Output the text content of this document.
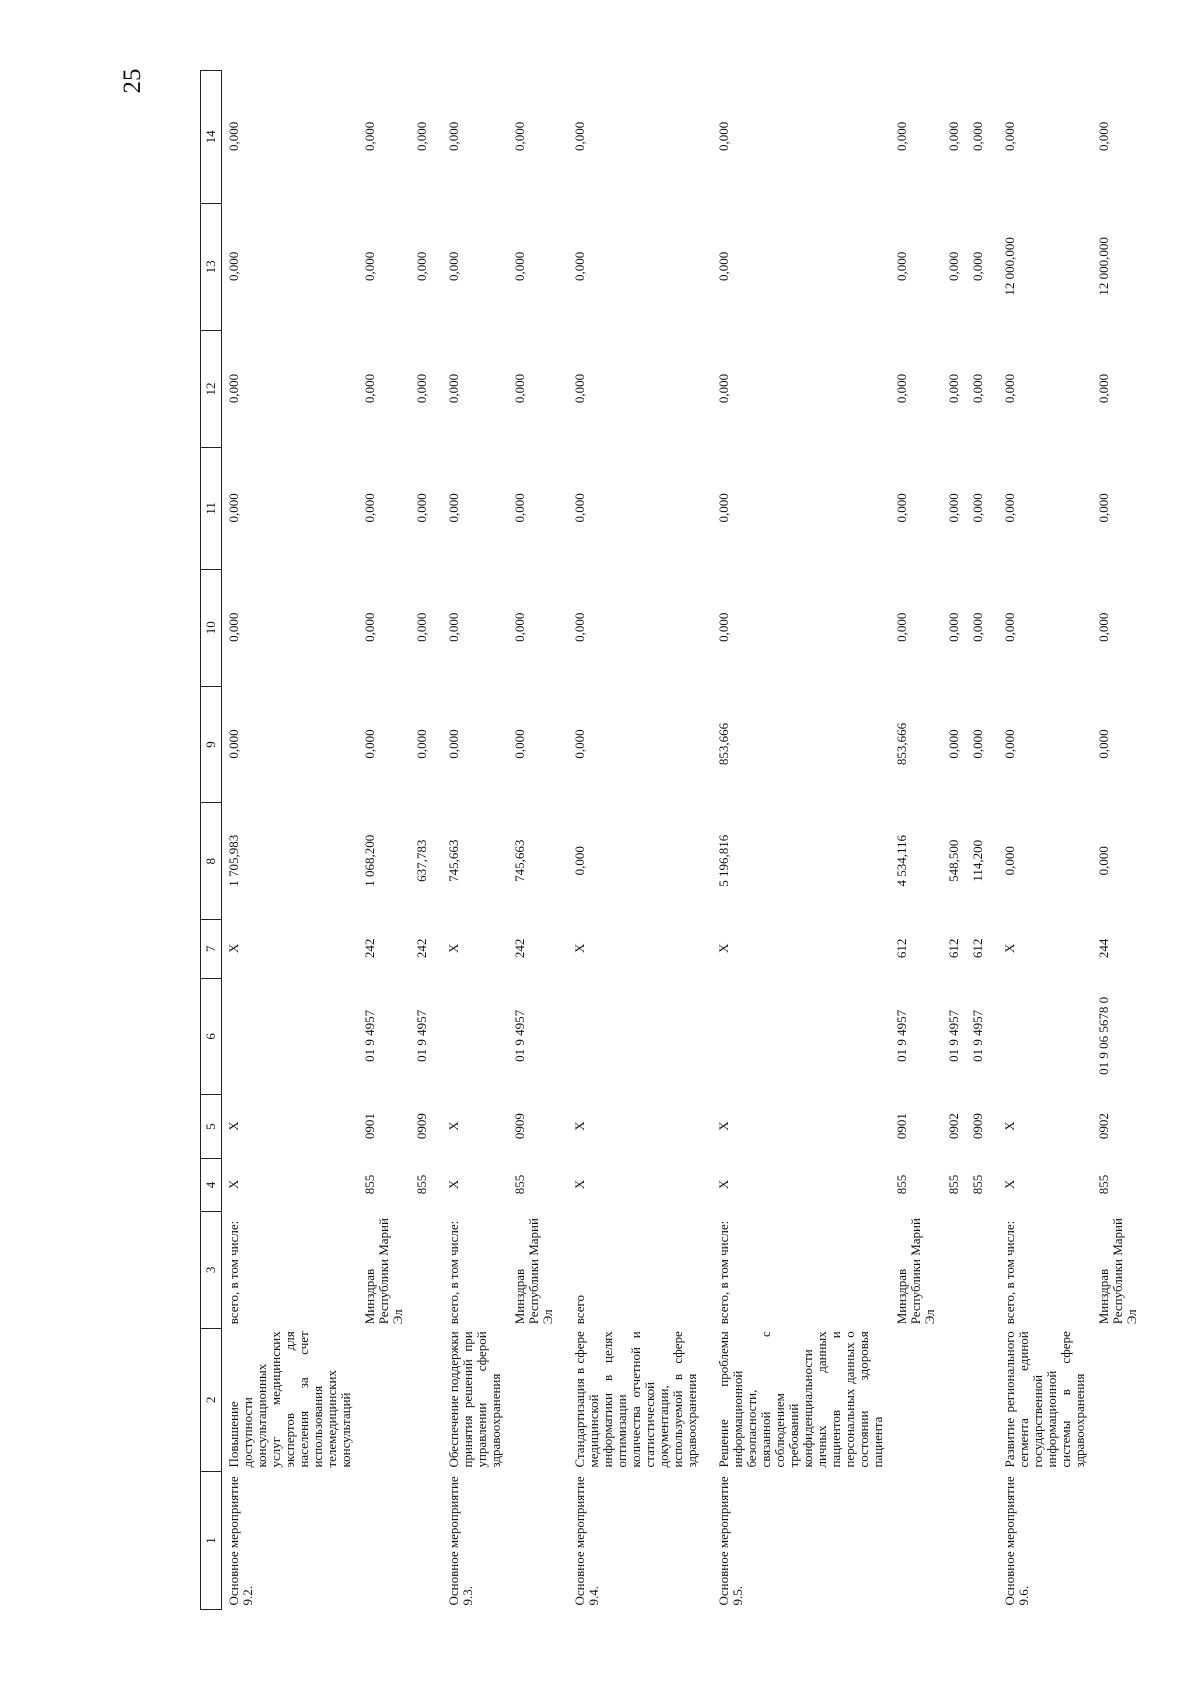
25
1	2	3	4	5	6	7	8	9	10	11	12	13	14
Основное мероприятие 9.2.	Повышение доступности консультационных услуг медицинских экспертов для населения за счет использования телемедицинских консультаций	всего, в том числе:	Х	Х		Х	1 705,983	0,000	0,000	0,000	0,000	0,000	0,000
		Минздрав Республики Марий Эл	855	0901	01 9 4957	242	1 068,200	0,000	0,000	0,000	0,000	0,000	0,000
			855	0909	01 9 4957	242	637,783	0,000	0,000	0,000	0,000	0,000	0,000
Основное мероприятие 9.3.	Обеспечение поддержки принятия решений при управлении сферой здравоохранения	всего, в том числе:	Х	Х		Х	745,663	0,000	0,000	0,000	0,000	0,000	0,000
		Минздрав Республики Марий Эл	855	0909	01 9 4957	242	745,663	0,000	0,000	0,000	0,000	0,000	0,000
Основное мероприятие 9.4.	Стандартизация в сфере медицинской информатики в целях оптимизации количества отчетной и статистической документации, используемой в сфере здравоохранения	всего	Х	Х		Х	0,000	0,000	0,000	0,000	0,000	0,000	0,000
Основное мероприятие 9.5.	Решение проблемы информационной безопасности, связанной с соблюдением требований конфиденциальности личных данных пациентов и персональных данных о состоянии здоровья пациента	всего, в том числе:	Х	Х		Х	5 196,816	853,666	0,000	0,000	0,000	0,000	0,000
		Минздрав Республики Марий Эл	855	0901	01 9 4957	612	4 534,116	853,666	0,000	0,000	0,000	0,000	0,000
			855	0902	01 9 4957	612	548,500	0,000	0,000	0,000	0,000	0,000	0,000
			855	0909	01 9 4957	612	114,200	0,000	0,000	0,000	0,000	0,000	0,000
Основное мероприятие 9.6.	Развитие регионального сегмента единой государственной информационной системы в сфере здравоохранения	всего, в том числе:	Х	Х		Х	0,000	0,000	0,000	0,000	0,000	12 000,000	0,000
		Минздрав Республики Марий Эл	855	0902	01 9 06 5678 0	244	0,000	0,000	0,000	0,000	0,000	12 000,000	0,000
